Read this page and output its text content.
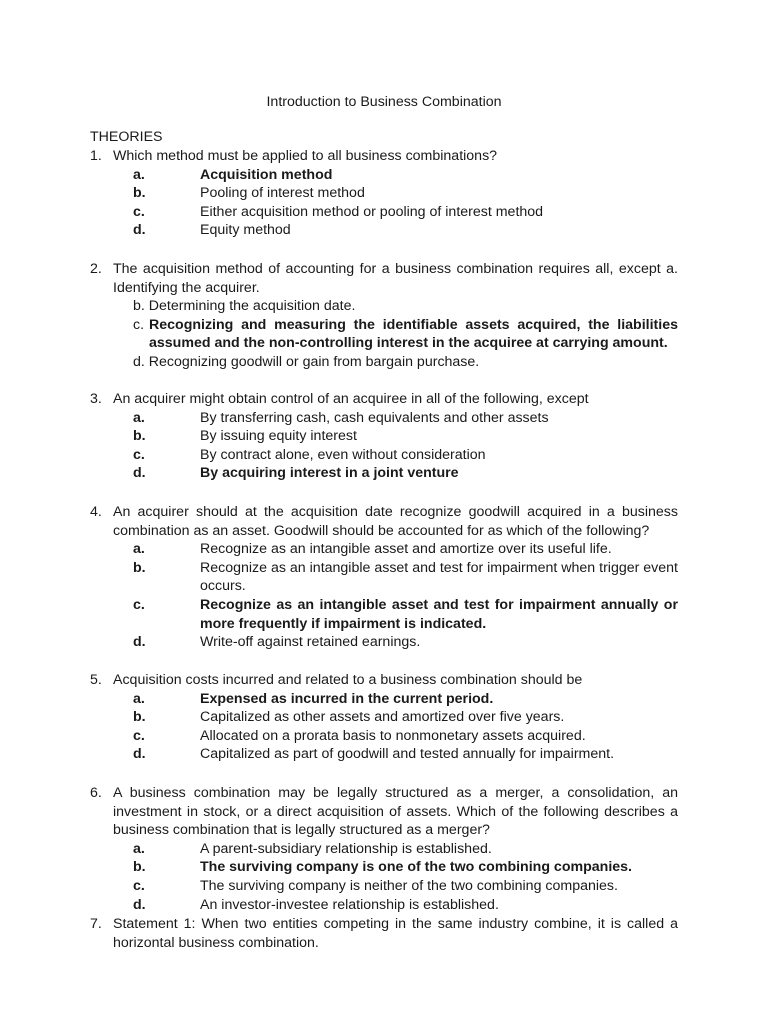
Introduction to Business Combination
THEORIES
1. Which method must be applied to all business combinations?
a.	Acquisition method
b.	Pooling of interest method
c.	Either acquisition method or pooling of interest method
d.	Equity method
2. The acquisition method of accounting for a business combination requires all, except a. Identifying the acquirer.
b. Determining the acquisition date.
c. Recognizing and measuring the identifiable assets acquired, the liabilities assumed and the non-controlling interest in the acquiree at carrying amount.
d. Recognizing goodwill or gain from bargain purchase.
3. An acquirer might obtain control of an acquiree in all of the following, except
a.	By transferring cash, cash equivalents and other assets
b.	By issuing equity interest
c.	By contract alone, even without consideration
d.	By acquiring interest in a joint venture
4. An acquirer should at the acquisition date recognize goodwill acquired in a business combination as an asset. Goodwill should be accounted for as which of the following?
a.	Recognize as an intangible asset and amortize over its useful life.
b.	Recognize as an intangible asset and test for impairment when trigger event occurs.
c.	Recognize as an intangible asset and test for impairment annually or more frequently if impairment is indicated.
d.	Write-off against retained earnings.
5. Acquisition costs incurred and related to a business combination should be
a.	Expensed as incurred in the current period.
b.	Capitalized as other assets and amortized over five years.
c.	Allocated on a prorata basis to nonmonetary assets acquired.
d.	Capitalized as part of goodwill and tested annually for impairment.
6. A business combination may be legally structured as a merger, a consolidation, an investment in stock, or a direct acquisition of assets. Which of the following describes a business combination that is legally structured as a merger?
a.	A parent-subsidiary relationship is established.
b.	The surviving company is one of the two combining companies.
c.	The surviving company is neither of the two combining companies.
d.	An investor-investee relationship is established.
7. Statement 1: When two entities competing in the same industry combine, it is called a horizontal business combination.
